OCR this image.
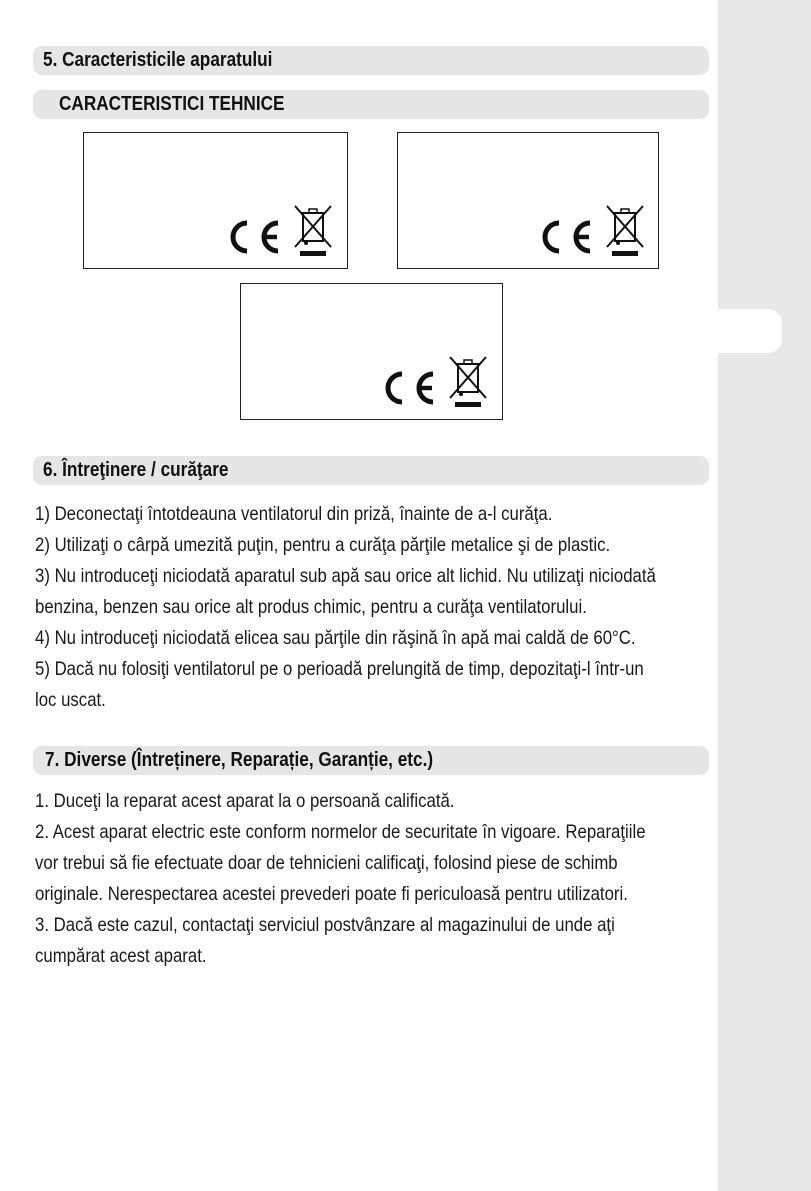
5. Caracteristicile aparatului
CARACTERISTICI TEHNICE
6. Întreţinere / curăţare

1) Deconectaţi întotdeauna ventilatorul din priză, înainte de a-l curăţa.

2) Utilizaţi o cârpă umezită puţin, pentru a curăţa părţile metalice şi de plastic.

3) Nu introduceţi niciodată aparatul sub apă sau orice alt lichid. Nu utilizaţi niciodată

benzina, benzen sau orice alt produs chimic, pentru a curăţa ventilatorului.

4) Nu introduceţi niciodată elicea sau părţile din răşină în apă mai caldă de 60°C.

5) Dacă nu folosiţi ventilatorul pe o perioadă prelungită de timp, depozitaţi-l într-un

loc uscat.

7. Diverse (Întreținere, Reparație, Garanție, etc.)

1. Duceţi la reparat acest aparat la o persoană calificată.

2. Acest aparat electric este conform normelor de securitate în vigoare. Reparaţiile

vor trebui să fie efectuate doar de tehnicieni calificaţi, folosind piese de schimb

originale. Nerespectarea acestei prevederi poate fi periculoasă pentru utilizatori.

3. Dacă este cazul, contactaţi serviciul postvânzare al magazinului de unde aţi

cumpărat acest aparat.
